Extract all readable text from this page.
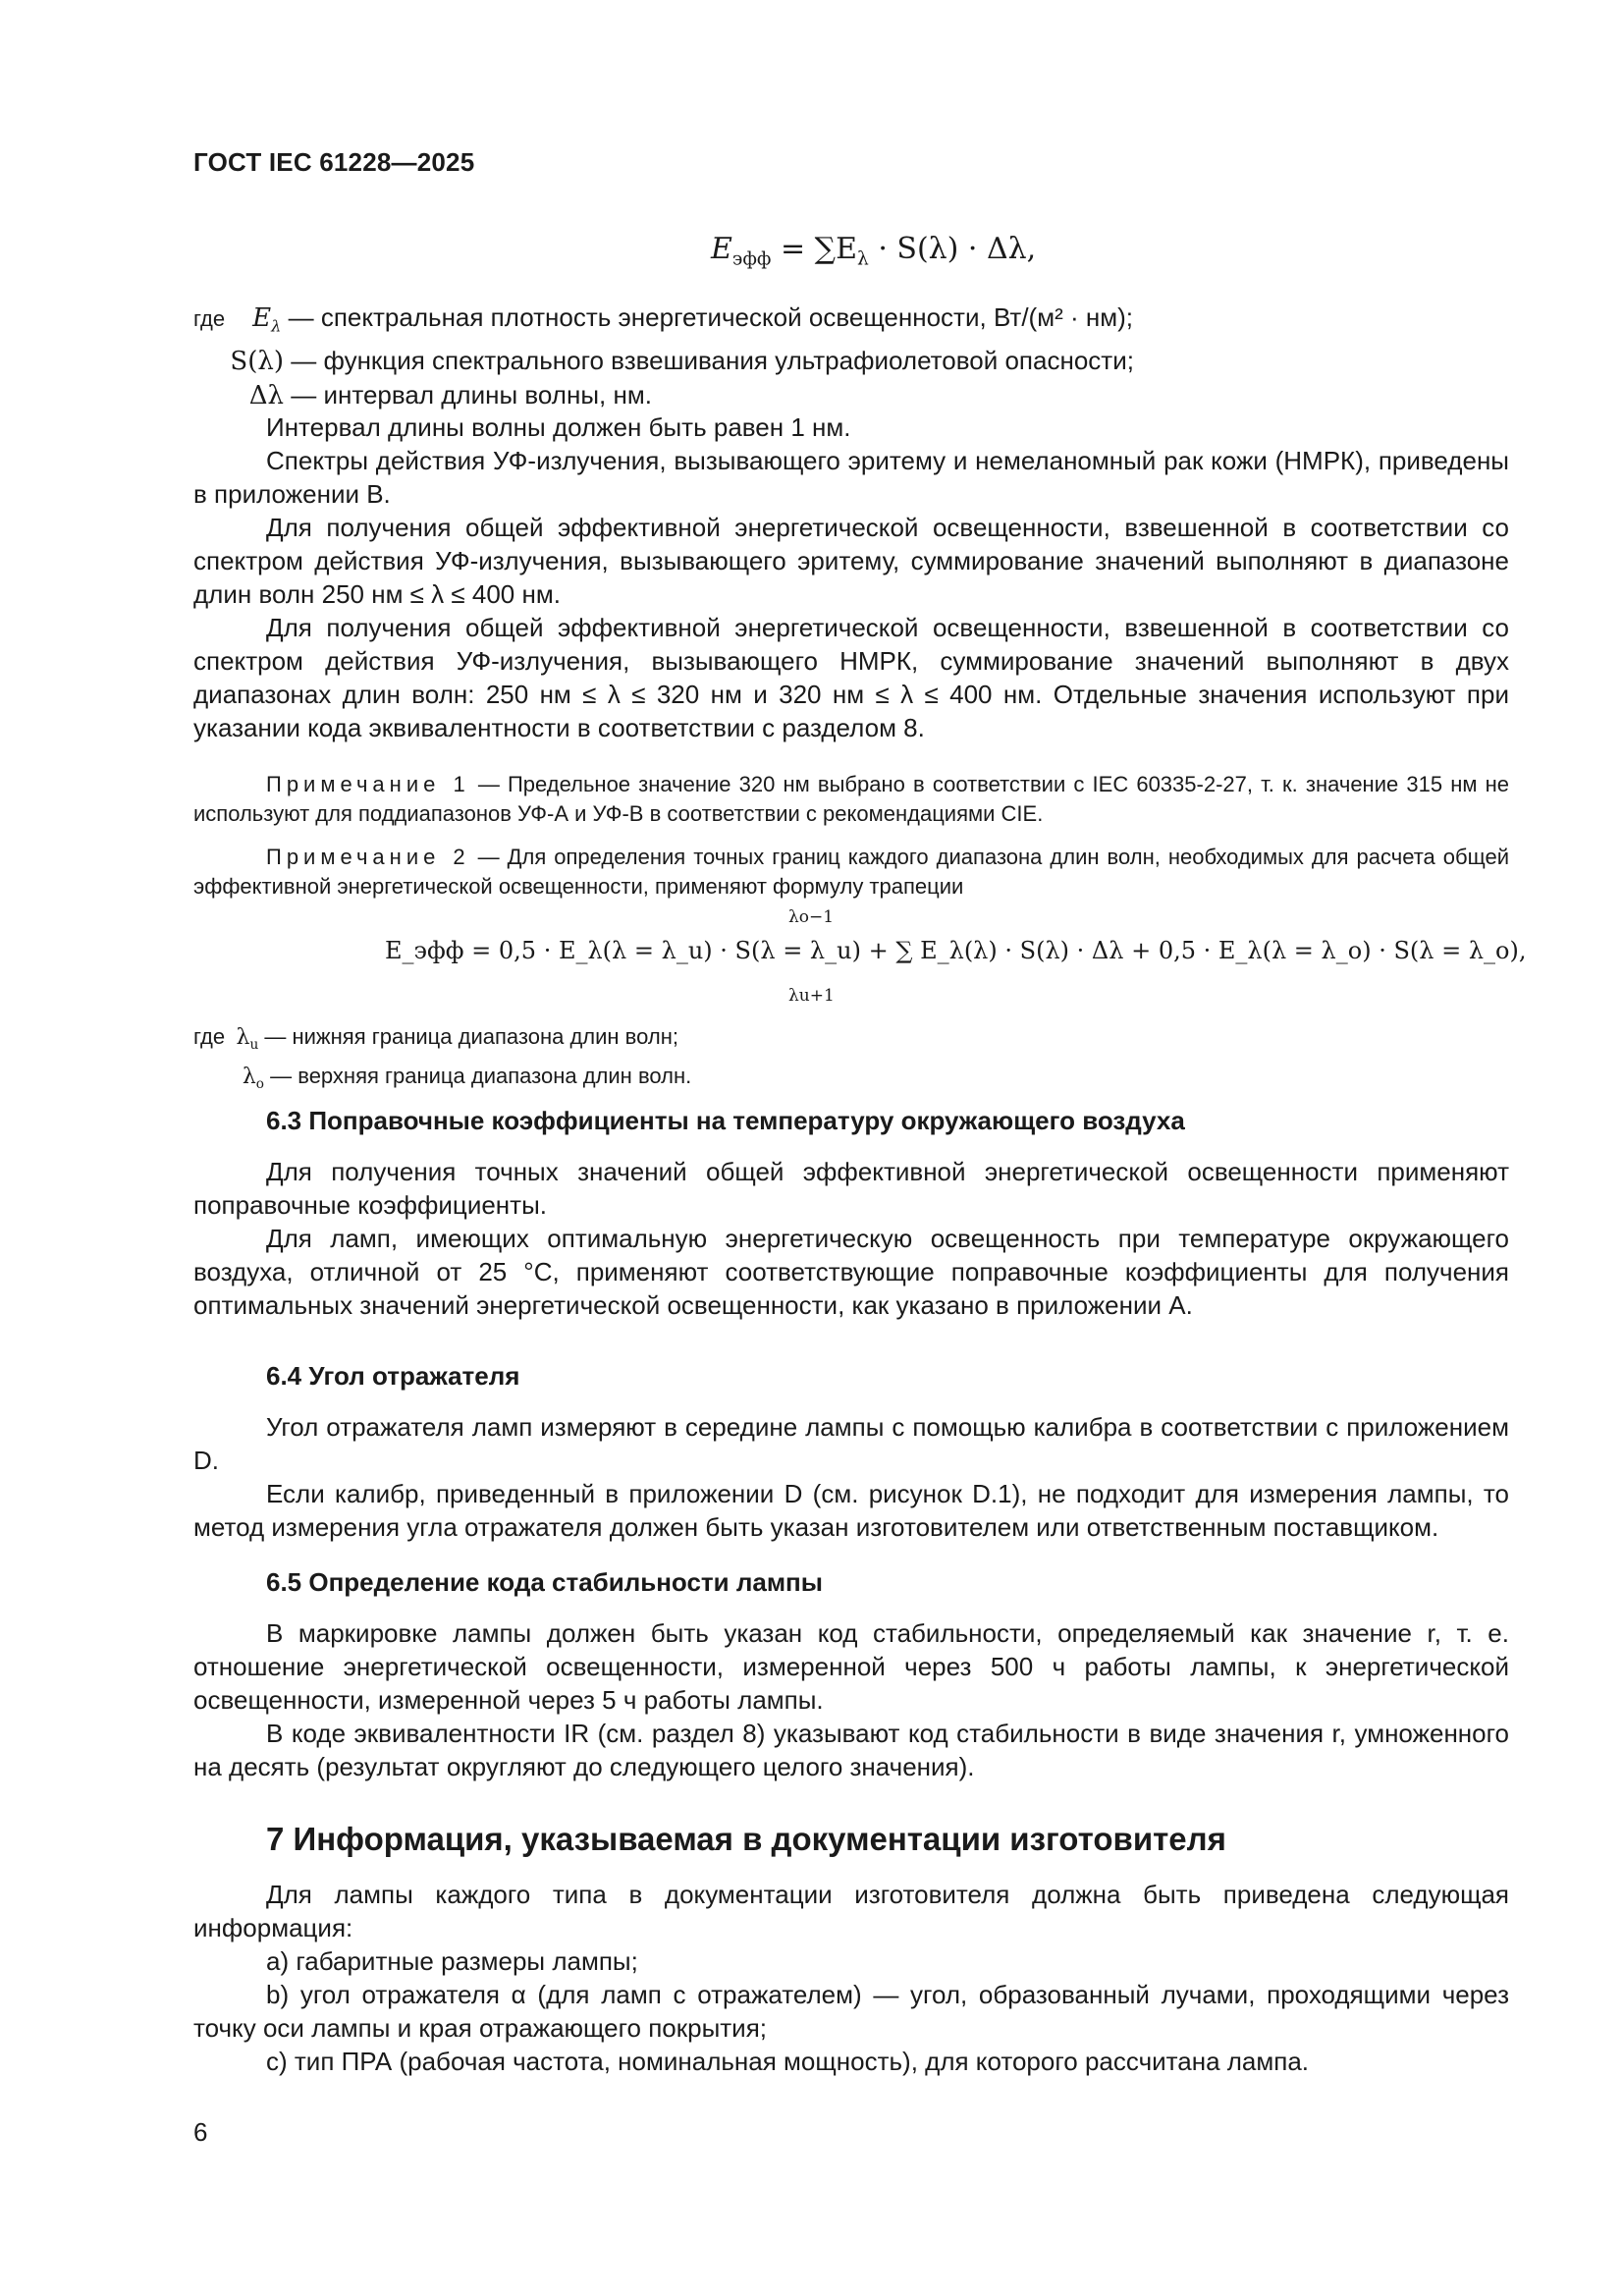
ГОСТ IEC 61228—2025
$E_{эфф} = \sum E_\lambda \cdot S(\lambda) \cdot \Delta\lambda$,
где $E_\lambda$ — спектральная плотность энергетической освещенности, Вт/(м² · нм);
S(λ) — функция спектрального взвешивания ультрафиолетовой опасности;
Δλ — интервал длины волны, нм.

Интервал длины волны должен быть равен 1 нм.

Спектры действия УФ-излучения, вызывающего эритему и немеланомный рак кожи (НМРК), приведены в приложении В.

Для получения общей эффективной энергетической освещенности, взвешенной в соответствии со спектром действия УФ-излучения, вызывающего эритему, суммирование значений выполняют в диапазоне длин волн 250 нм ≤ λ ≤ 400 нм.

Для получения общей эффективной энергетической освещенности, взвешенной в соответствии со спектром действия УФ-излучения, вызывающего НМРК, суммирование значений выполняют в двух диапазонах длин волн: 250 нм ≤ λ ≤ 320 нм и 320 нм ≤ λ ≤ 400 нм. Отдельные значения используют при указании кода эквивалентности в соответствии с разделом 8.

Примечание 1 — Предельное значение 320 нм выбрано в соответствии с IEC 60335-2-27, т. к. значение 315 нм не используют для поддиапазонов УФ-А и УФ-В в соответствии с рекомендациями CIE.

Примечание 2 — Для определения точных границ каждого диапазона длин волн, необходимых для расчета общей эффективной энергетической освещенности, применяют формулу трапеции

E_эфф = 0,5 · E_λ(λ = λ_u) · S(λ = λ_u) + ∑ E_λ(λ) · S(λ) · Δλ + 0,5 · E_λ(λ = λ_o) · S(λ = λ_o),
λo−1
λu+1
где $\lambda_u$ — нижняя граница диапазона длин волн;
$\lambda_o$ — верхняя граница диапазона длин волн.

6.3 Поправочные коэффициенты на температуру окружающего воздуха

Для получения точных значений общей эффективной энергетической освещенности применяют поправочные коэффициенты.

Для ламп, имеющих оптимальную энергетическую освещенность при температуре окружающего воздуха, отличной от 25 °С, применяют соответствующие поправочные коэффициенты для получения оптимальных значений энергетической освещенности, как указано в приложении А.

6.4 Угол отражателя

Угол отражателя ламп измеряют в середине лампы с помощью калибра в соответствии с приложением D.

Если калибр, приведенный в приложении D (см. рисунок D.1), не подходит для измерения лампы, то метод измерения угла отражателя должен быть указан изготовителем или ответственным поставщиком.

6.5 Определение кода стабильности лампы

В маркировке лампы должен быть указан код стабильности, определяемый как значение r, т. е. отношение энергетической освещенности, измеренной через 500 ч работы лампы, к энергетической освещенности, измеренной через 5 ч работы лампы.

В коде эквивалентности IR (см. раздел 8) указывают код стабильности в виде значения r, умноженного на десять (результат округляют до следующего целого значения).

7 Информация, указываемая в документации изготовителя

Для лампы каждого типа в документации изготовителя должна быть приведена следующая информация:

а) габаритные размеры лампы;

b) угол отражателя α (для ламп с отражателем) — угол, образованный лучами, проходящими через точку оси лампы и края отражающего покрытия;

с) тип ПРА (рабочая частота, номинальная мощность), для которого рассчитана лампа.

6
